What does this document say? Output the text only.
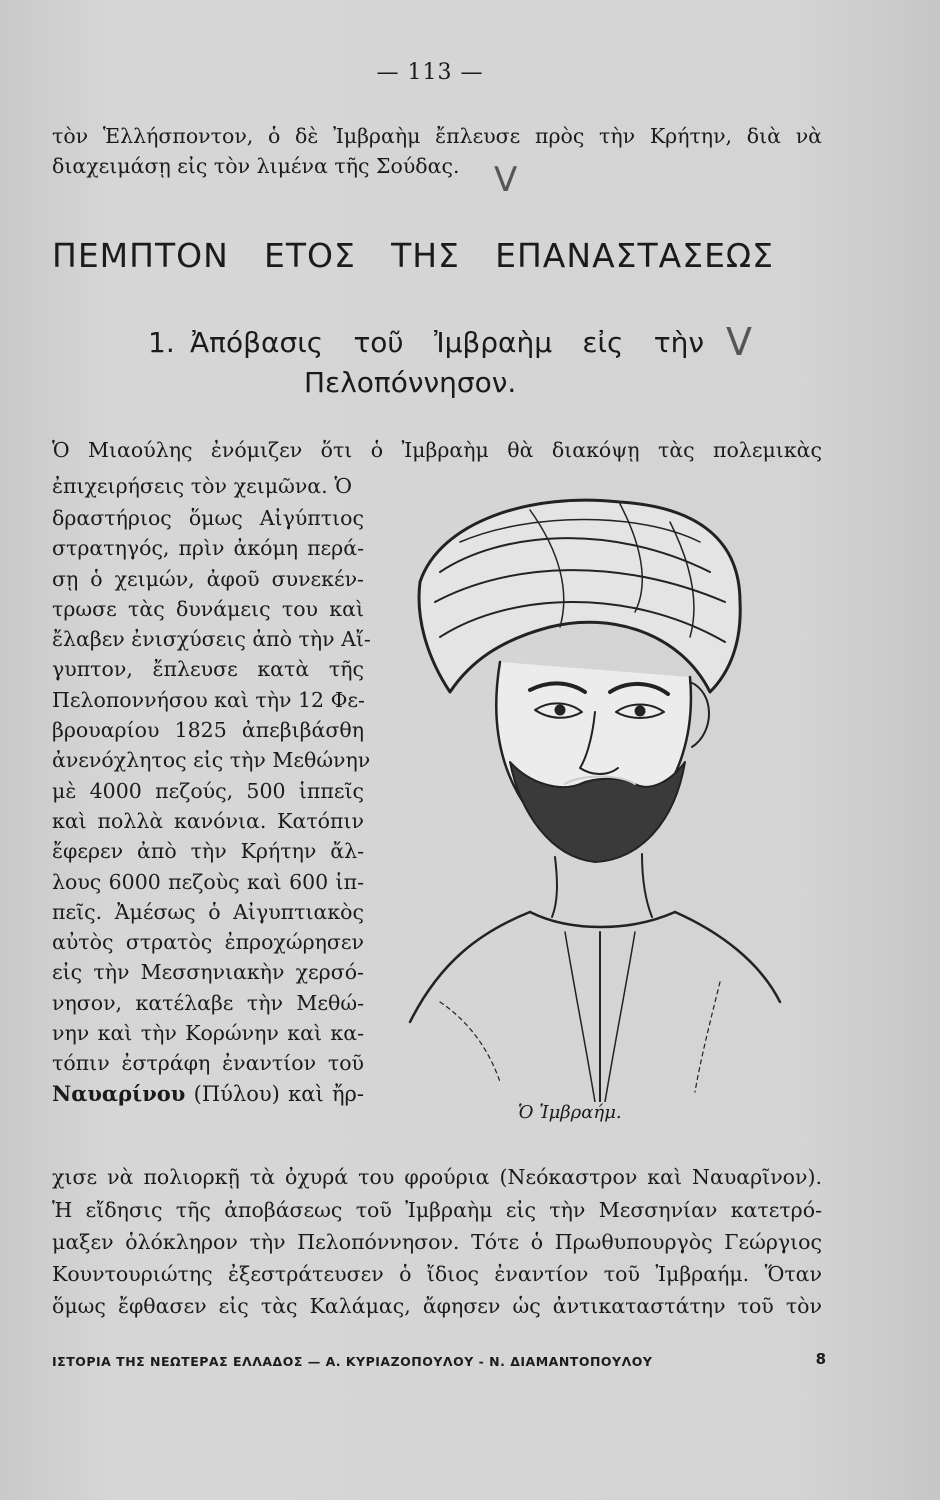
— 113 —
τὸν Ἑλλήσποντον, ὁ δὲ Ἰμβραὴμ ἔπλευσε πρὸς τὴν Κρήτην, διὰ νὰ
διαχειμάσῃ εἰς τὸν λιμένα τῆς Σούδας.	V
ΠΕΜΠΤΟΝ ΕΤΟΣ ΤΗΣ ΕΠΑΝΑΣΤΑΣΕΩΣ
1. Ἀπόβασις τοῦ Ἰμβραὴμ εἰς τὴν
Πελοπόννησον.
V
Ὁ Μιαούλης ἐνόμιζεν ὅτι ὁ Ἰμβραὴμ θὰ διακόψῃ τὰς πολεμικὰς
ἐπιχειρήσεις τὸν χειμῶνα. Ὁ
δραστήριος ὅμως Αἰγύπτιος
στρατηγός, πρὶν ἀκόμη περά-
σῃ ὁ χειμών, ἀφοῦ συνεκέν-
τρωσε τὰς δυνάμεις του καὶ
ἔλαβεν ἐνισχύσεις ἀπὸ τὴν Αἴ-
γυπτον, ἔπλευσε κατὰ τῆς
Πελοποννήσου καὶ τὴν 12 Φε-
βρουαρίου 1825 ἀπεβιβάσθη
ἀνενόχλητος εἰς τὴν Μεθώνην
μὲ 4000 πεζούς, 500 ἱππεῖς
καὶ πολλὰ κανόνια. Κατόπιν
ἔφερεν ἀπὸ τὴν Κρήτην ἄλ-
λους 6000 πεζοὺς καὶ 600 ἱπ-
πεῖς. Ἀμέσως ὁ Αἰγυπτιακὸς
αὐτὸς στρατὸς ἐπροχώρησεν
εἰς τὴν Μεσσηνιακὴν χερσό-
νησον, κατέλαβε τὴν Μεθώ-
νην καὶ τὴν Κορώνην καὶ κα-
τόπιν ἐστράφη ἐναντίον τοῦ
Ναυαρίνου (Πύλου) καὶ ἤρ-
Ὁ Ἰμβραήμ.
χισε νὰ πολιορκῇ τὰ ὀχυρά του φρούρια (Νεόκαστρον καὶ Ναυαρῖνον).
Ἡ εἴδησις τῆς ἀποβάσεως τοῦ Ἰμβραὴμ εἰς τὴν Μεσσηνίαν κατετρό-
μαξεν ὁλόκληρον τὴν Πελοπόννησον. Τότε ὁ Πρωθυπουργὸς Γεώργιος
Κουντουριώτης ἐξεστράτευσεν ὁ ἴδιος ἐναντίον τοῦ Ἰμβραήμ. Ὅταν
ὅμως ἔφθασεν εἰς τὰς Καλάμας, ἄφησεν ὡς ἀντικαταστάτην τοῦ τὸν
ΙΣΤΟΡΙΑ ΤΗΣ ΝΕΩΤΕΡΑΣ ΕΛΛΑΔΟΣ — Α. ΚΥΡΙΑΖΟΠΟΥΛΟΥ - Ν. ΔΙΑΜΑΝΤΟΠΟΥΛΟΥ	8
